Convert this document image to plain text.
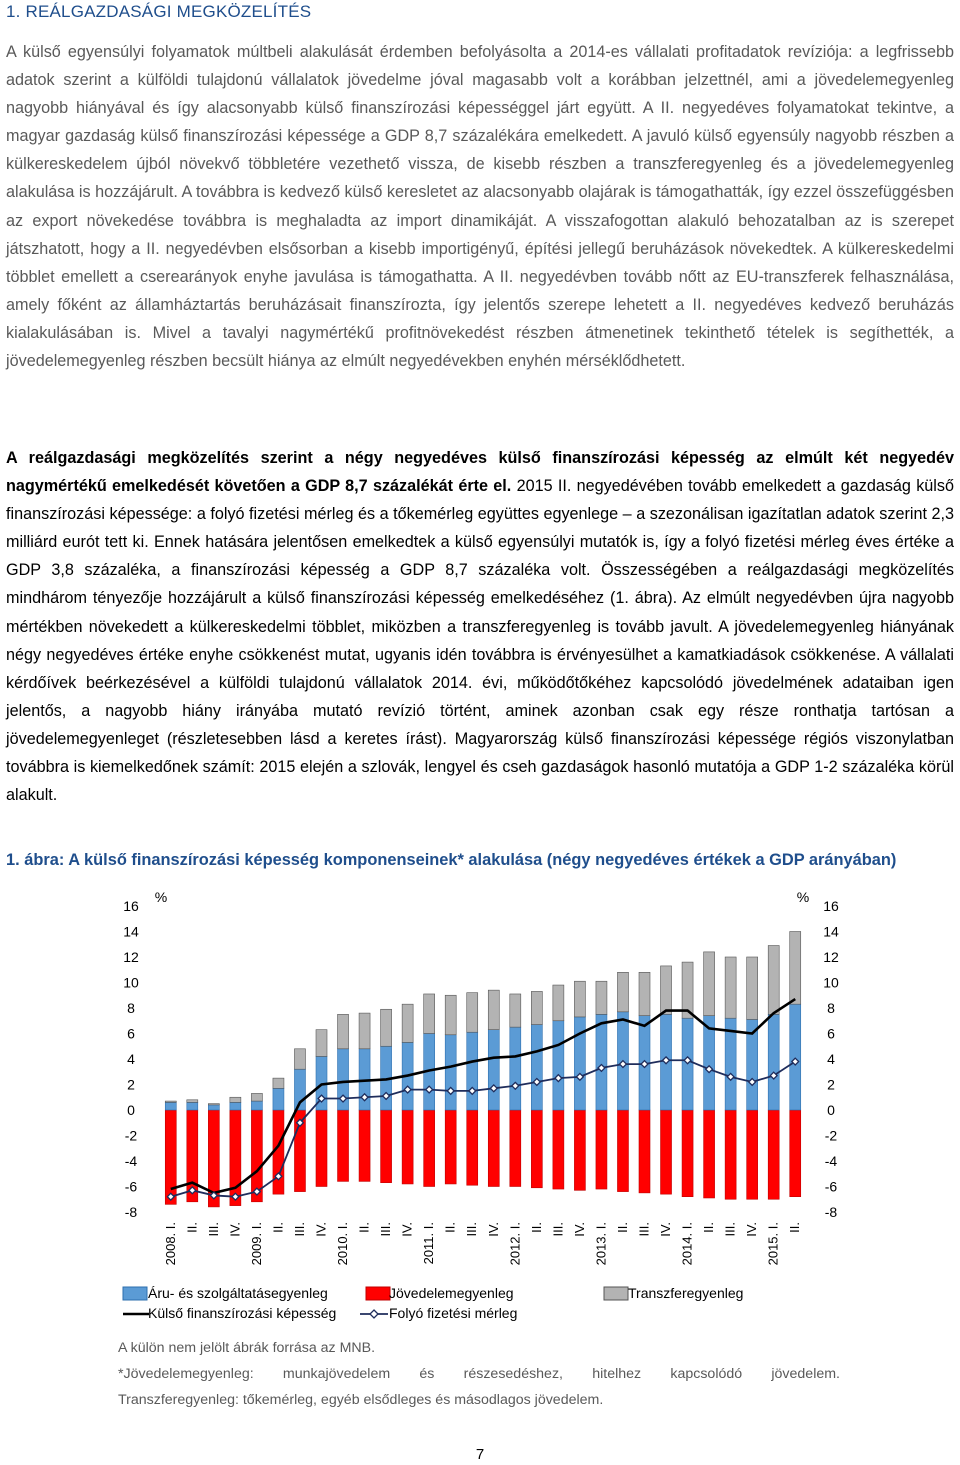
1. REÁLGAZDASÁGI MEGKÖZELÍTÉS
A külső egyensúlyi folyamatok múltbeli alakulását érdemben befolyásolta a 2014-es vállalati profitadatok revíziója: a legfrissebb adatok szerint a külföldi tulajdonú vállalatok jövedelme jóval magasabb volt a korábban jelzettnél, ami a jövedelemegyenleg nagyobb hiányával és így alacsonyabb külső finanszírozási képességgel járt együtt. A II. negyedéves folyamatokat tekintve, a magyar gazdaság külső finanszírozási képessége a GDP 8,7 százalékára emelkedett. A javuló külső egyensúly nagyobb részben a külkereskedelem újból növekvő többletére vezethető vissza, de kisebb részben a transzferegyenleg és a jövedelemegyenleg alakulása is hozzájárult. A továbbra is kedvező külső keresletet az alacsonyabb olajárak is támogathatták, így ezzel összefüggésben az export növekedése továbbra is meghaladta az import dinamikáját. A visszafogottan alakuló behozatalban az is szerepet játszhatott, hogy a II. negyedévben elsősorban a kisebb importigényű, építési jellegű beruházások növekedtek. A külkereskedelmi többlet emellett a cserearányok enyhe javulása is támogathatta. A II. negyedévben tovább nőtt az EU-transzferek felhasználása, amely főként az államháztartás beruházásait finanszírozta, így jelentős szerepe lehetett a II. negyedéves kedvező beruházás kialakulásában is. Mivel a tavalyi nagymértékű profitnövekedést részben átmenetinek tekinthető tételek is segíthették, a jövedelemegyenleg részben becsült hiánya az elmúlt negyedévekben enyhén mérséklődhetett.
A reálgazdasági megközelítés szerint a négy negyedéves külső finanszírozási képesség az elmúlt két negyedév nagymértékű emelkedését követően a GDP 8,7 százalékát érte el. 2015 II. negyedévében tovább emelkedett a gazdaság külső finanszírozási képessége: a folyó fizetési mérleg és a tőkemérleg együttes egyenlege – a szezonálisan igazítatlan adatok szerint 2,3 milliárd eurót tett ki. Ennek hatására jelentősen emelkedtek a külső egyensúlyi mutatók is, így a folyó fizetési mérleg éves értéke a GDP 3,8 százaléka, a finanszírozási képesség a GDP 8,7 százaléka volt. Összességében a reálgazdasági megközelítés mindhárom tényezője hozzájárult a külső finanszírozási képesség emelkedéséhez (1. ábra). Az elmúlt negyedévben újra nagyobb mértékben növekedett a külkereskedelmi többlet, miközben a transzferegyenleg is tovább javult. A jövedelemegyenleg hiányának négy negyedéves értéke enyhe csökkenést mutat, ugyanis idén továbbra is érvényesülhet a kamatkiadások csökkenése. A vállalati kérdőívek beérkezésével a külföldi tulajdonú vállalatok 2014. évi, működőtőkéhez kapcsolódó jövedelmének adataiban igen jelentős, a nagyobb hiány irányába mutató revízió történt, aminek azonban csak egy része ronthatja tartósan a jövedelemegyenleget (részletesebben lásd a keretes írást). Magyarország külső finanszírozási képessége régiós viszonylatban továbbra is kiemelkedőnek számít: 2015 elején a szlovák, lengyel és cseh gazdaságok hasonló mutatója a GDP 1-2 százaléka körül alakult.
1. ábra: A külső finanszírozási képesség komponenseinek* alakulása (négy negyedéves értékek a GDP arányában)
%	%
16	16
14	14
12	12
10	10
8	8
6	6
4	4
2	2
0	0
-2	-2
-4	-4
-6	-6
-8	-8
2008. I. II. III. IV. 2009. I. II. III. IV. 2010. I. II. III. IV. 2011. I. II. III. IV. 2012. I. II. III. IV. 2013. I. II. III. IV. 2014. I. II. III. IV. 2015. I. II.
Áru- és szolgáltatásegyenleg	Jövedelemegyenleg	Transzferegyenleg
Külső finanszírozási képesség	Folyó fizetési mérleg
A külön nem jelölt ábrák forrása az MNB.
*Jövedelemegyenleg: munkajövedelem és részesedéshez, hitelhez kapcsolódó jövedelem.
Transzferegyenleg: tőkemérleg, egyéb elsődleges és másodlagos jövedelem.
7
